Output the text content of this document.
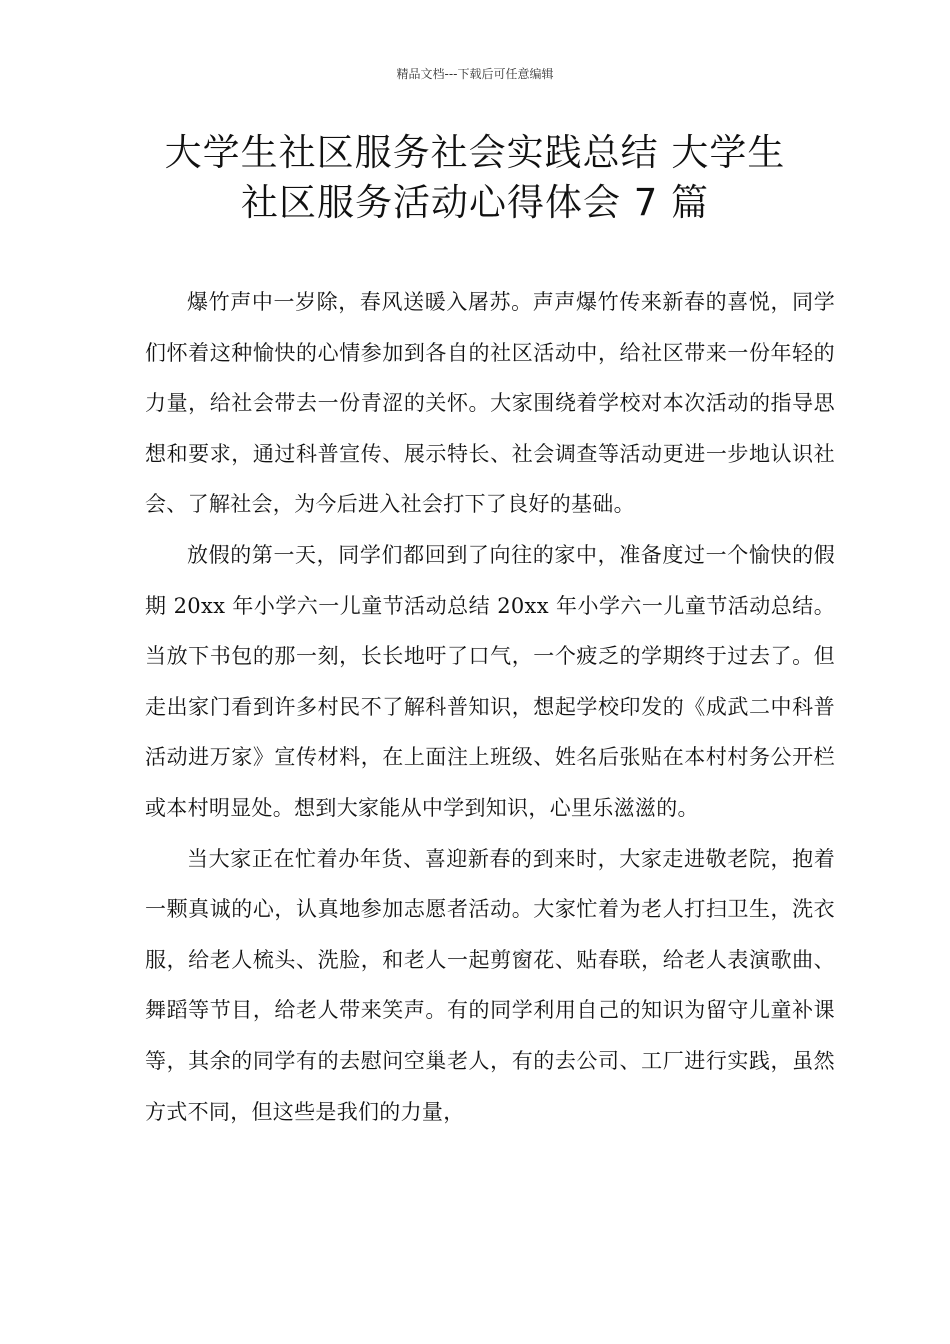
精品文档---下载后可任意编辑
大学生社区服务社会实践总结 大学生
社区服务活动心得体会 7 篇

爆竹声中一岁除，春风送暖入屠苏。声声爆竹传来新春的喜悦，同学们怀着这种愉快的心情参加到各自的社区活动中，给社区带来一份年轻的力量，给社会带去一份青涩的关怀。大家围绕着学校对本次活动的指导思想和要求，通过科普宣传、展示特长、社会调查等活动更进一步地认识社会、了解社会，为今后进入社会打下了良好的基础。

放假的第一天，同学们都回到了向往的家中，准备度过一个愉快的假期 20xx 年小学六一儿童节活动总结 20xx 年小学六一儿童节活动总结。当放下书包的那一刻，长长地吁了口气，一个疲乏的学期终于过去了。但走出家门看到许多村民不了解科普知识，想起学校印发的《成武二中科普活动进万家》宣传材料，在上面注上班级、姓名后张贴在本村村务公开栏或本村明显处。想到大家能从中学到知识，心里乐滋滋的。

当大家正在忙着办年货、喜迎新春的到来时，大家走进敬老院，抱着一颗真诚的心，认真地参加志愿者活动。大家忙着为老人打扫卫生，洗衣服，给老人梳头、洗脸，和老人一起剪窗花、贴春联，给老人表演歌曲、舞蹈等节目，给老人带来笑声。有的同学利用自己的知识为留守儿童补课等，其余的同学有的去慰问空巢老人，有的去公司、工厂进行实践，虽然方式不同，但这些是我们的力量，
